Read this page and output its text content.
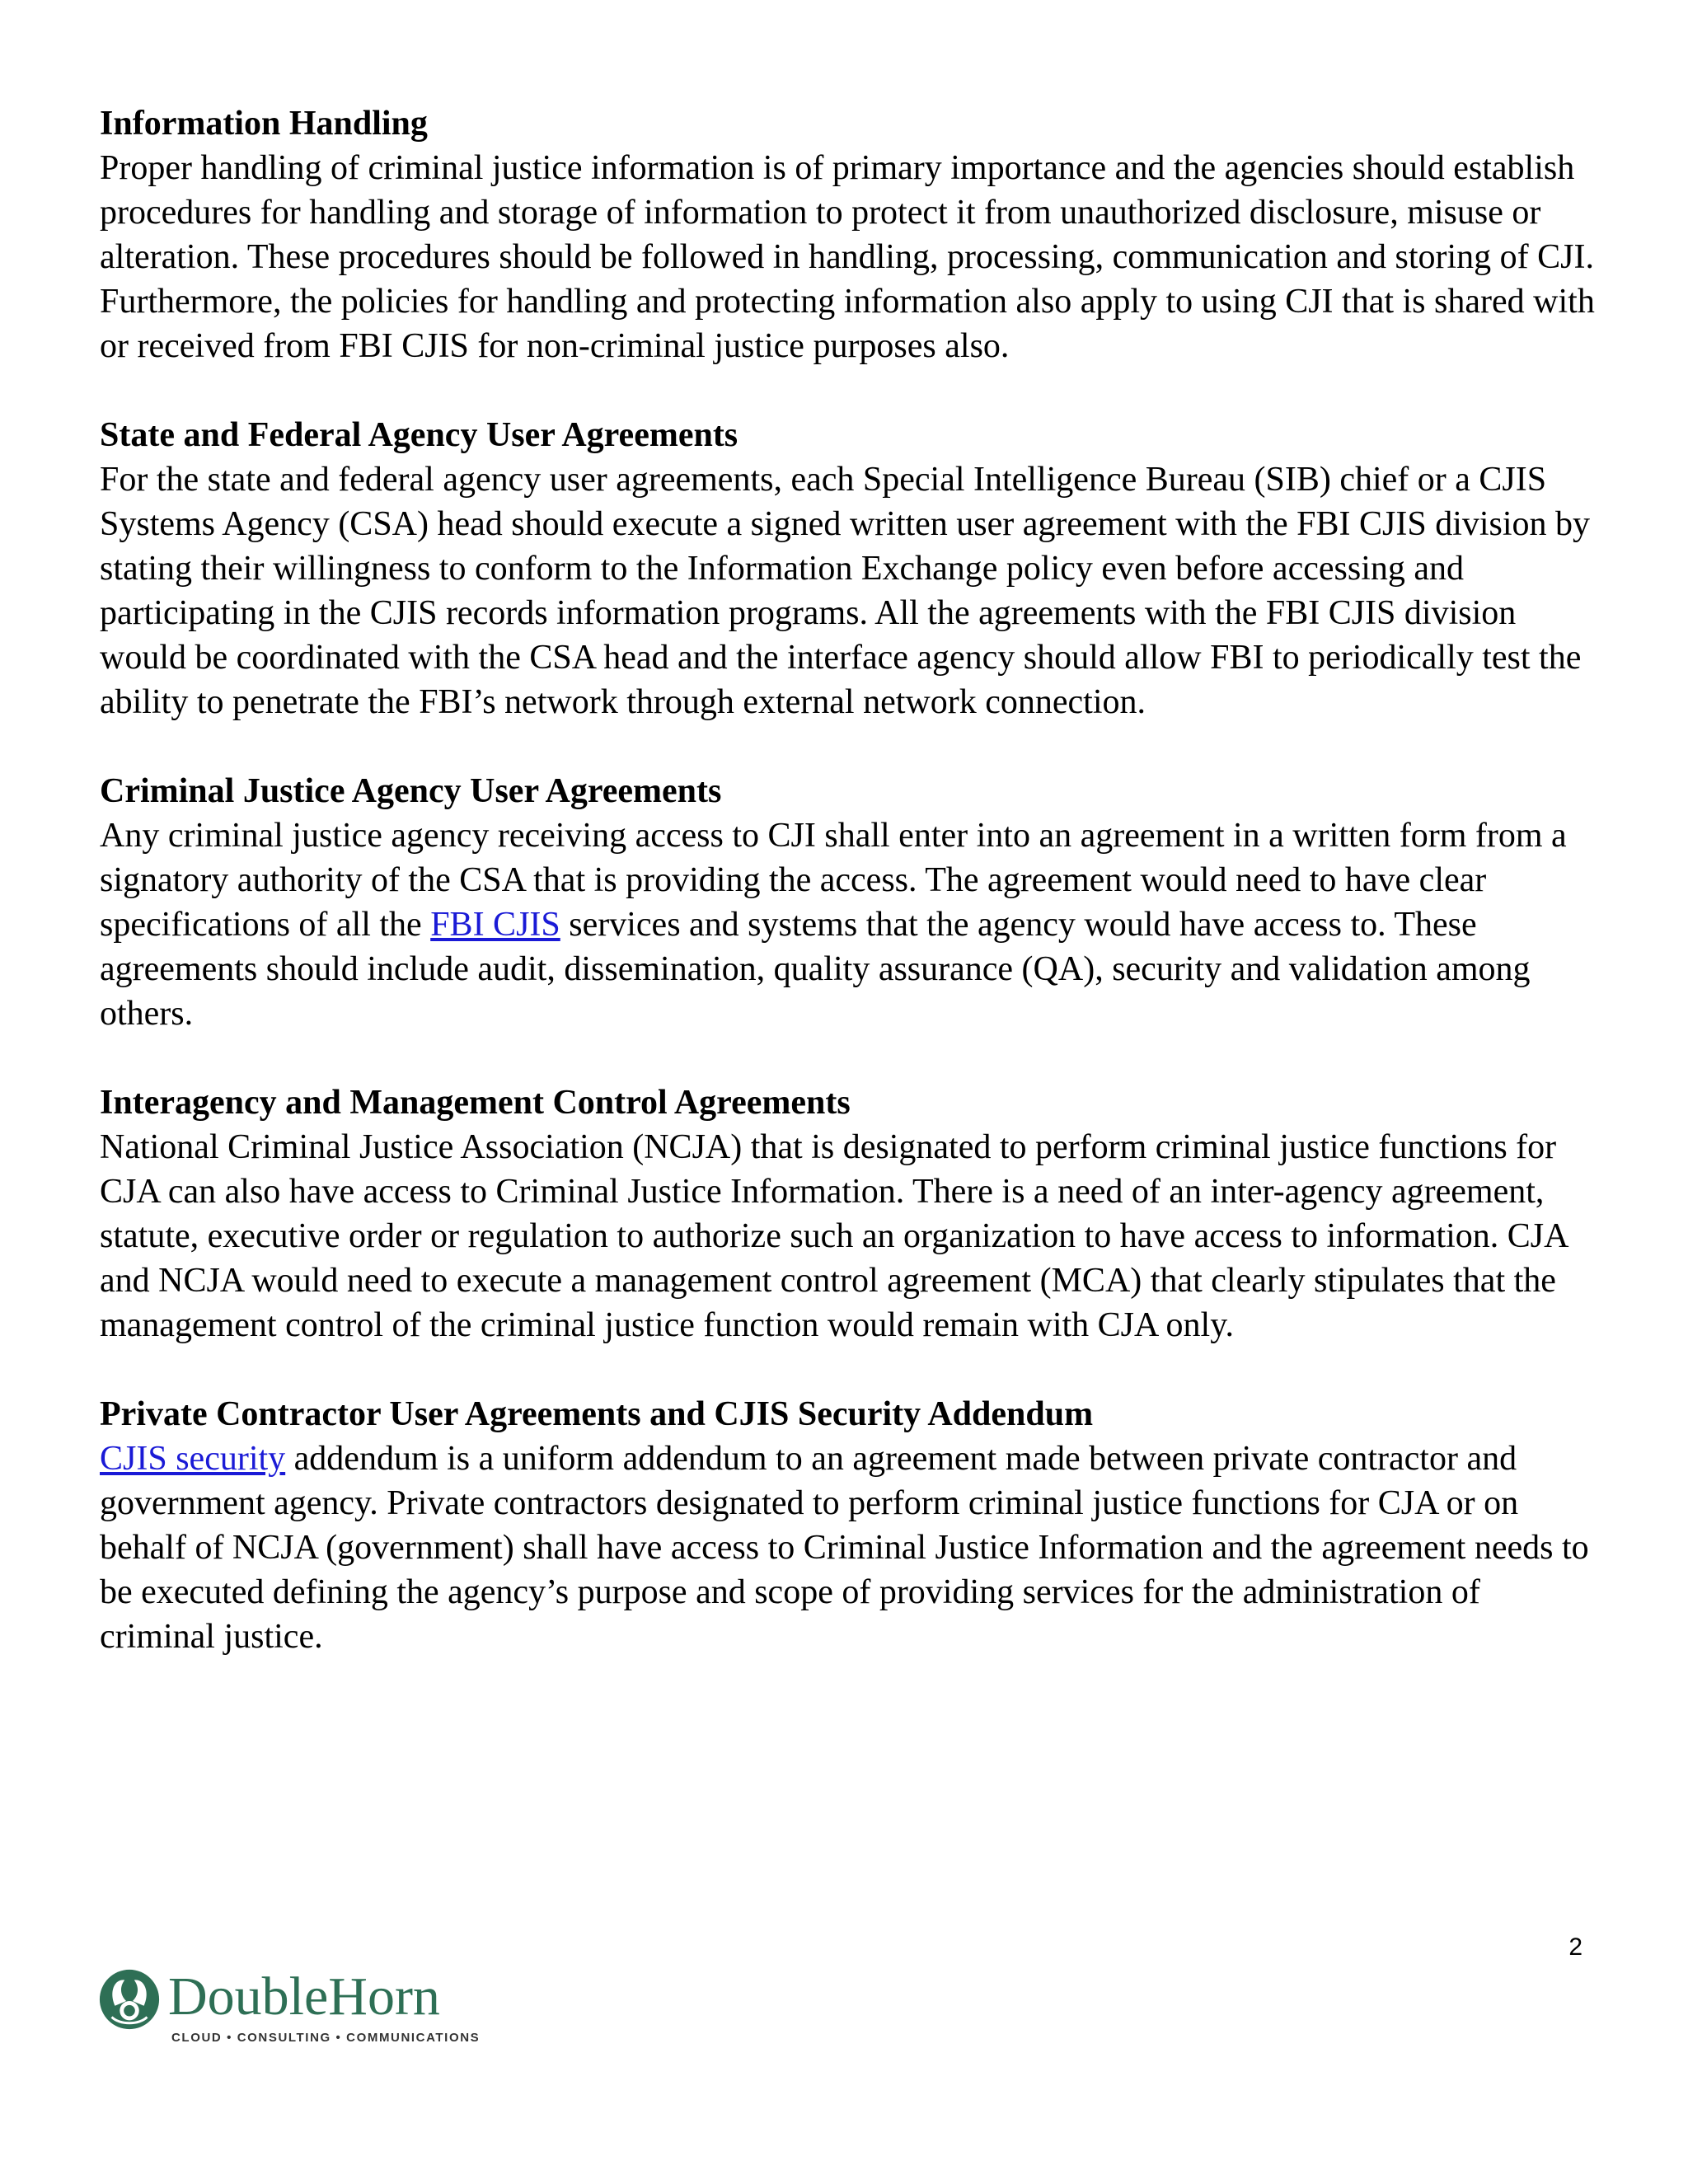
Information Handling

Proper handling of criminal justice information is of primary importance and the agencies should establish procedures for handling and storage of information to protect it from unauthorized disclosure, misuse or alteration. These procedures should be followed in handling, processing, communication and storing of CJI. Furthermore, the policies for handling and protecting information also apply to using CJI that is shared with or received from FBI CJIS for non-criminal justice purposes also.

State and Federal Agency User Agreements

For the state and federal agency user agreements, each Special Intelligence Bureau (SIB) chief or a CJIS Systems Agency (CSA) head should execute a signed written user agreement with the FBI CJIS division by stating their willingness to conform to the Information Exchange policy even before accessing and participating in the CJIS records information programs. All the agreements with the FBI CJIS division would be coordinated with the CSA head and the interface agency should allow FBI to periodically test the ability to penetrate the FBI’s network through external network connection.

Criminal Justice Agency User Agreements

Any criminal justice agency receiving access to CJI shall enter into an agreement in a written form from a signatory authority of the CSA that is providing the access. The agreement would need to have clear specifications of all the FBI CJIS services and systems that the agency would have access to. These agreements should include audit, dissemination, quality assurance (QA), security and validation among others.

Interagency and Management Control Agreements

National Criminal Justice Association (NCJA) that is designated to perform criminal justice functions for CJA can also have access to Criminal Justice Information. There is a need of an inter-agency agreement, statute, executive order or regulation to authorize such an organization to have access to information. CJA and NCJA would need to execute a management control agreement (MCA) that clearly stipulates that the management control of the criminal justice function would remain with CJA only.

Private Contractor User Agreements and CJIS Security Addendum

CJIS security addendum is a uniform addendum to an agreement made between private contractor and government agency. Private contractors designated to perform criminal justice functions for CJA or on behalf of NCJA (government) shall have access to Criminal Justice Information and the agreement needs to be executed defining the agency’s purpose and scope of providing services for the administration of criminal justice.

2
DoubleHorn
CLOUD • CONSULTING • COMMUNICATIONS
